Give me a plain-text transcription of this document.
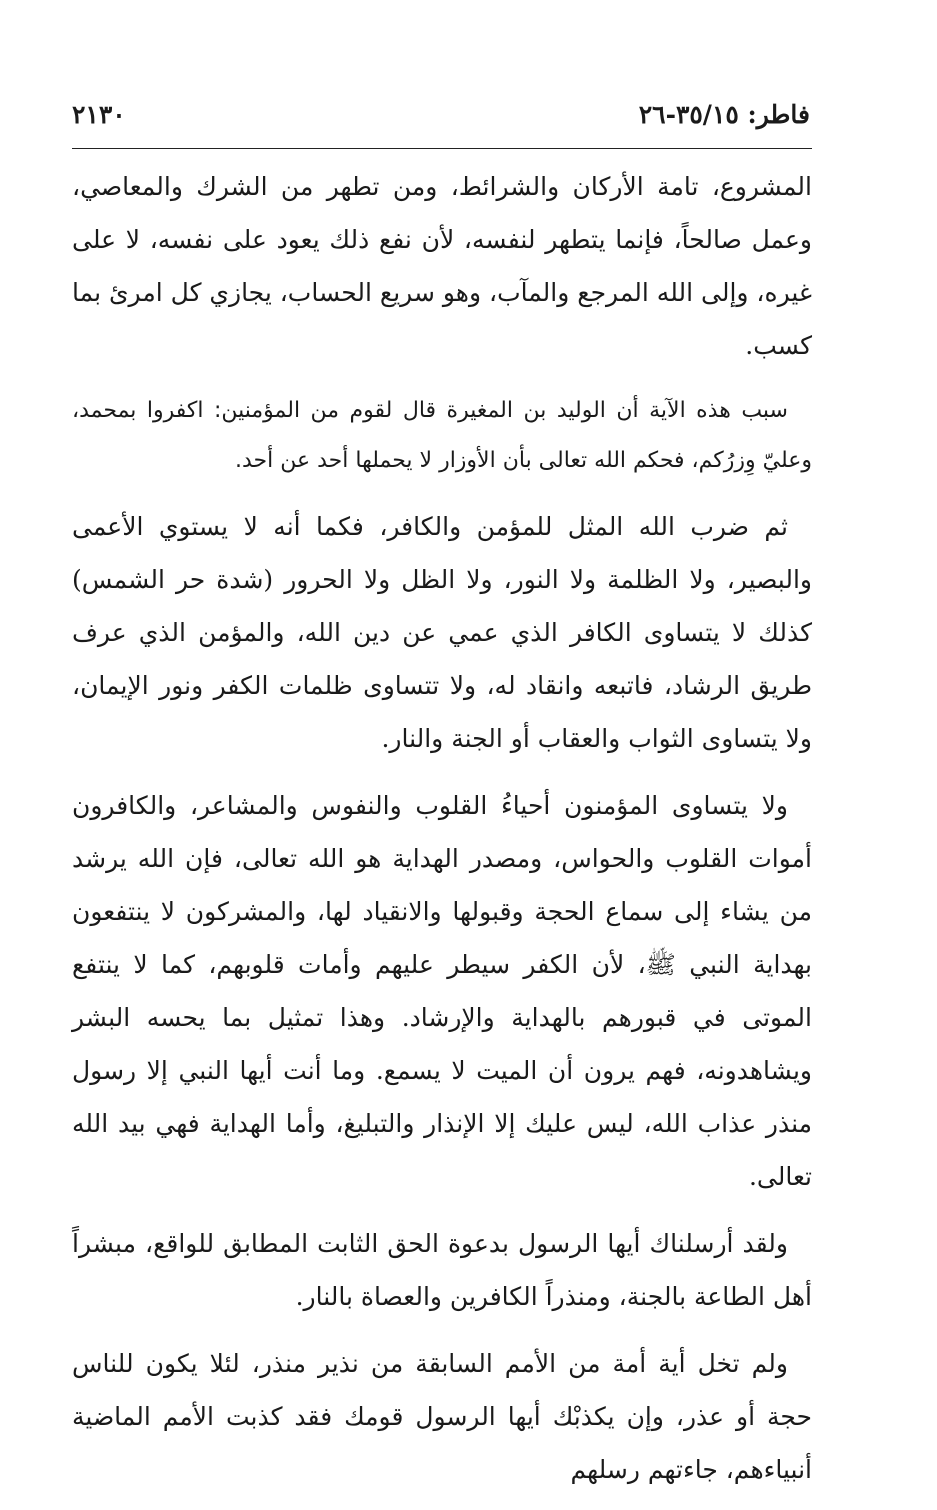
فاطر: ٣٥/١٥-٢٦
٢١٣٠

المشروع، تامة الأركان والشرائط، ومن تطهر من الشرك والمعاصي، وعمل صالحاً، فإنما يتطهر لنفسه، لأن نفع ذلك يعود على نفسه، لا على غيره، وإلى الله المرجع والمآب، وهو سريع الحساب، يجازي كل امرئ بما كسب.

سبب هذه الآية أن الوليد بن المغيرة قال لقوم من المؤمنين: اكفروا بمحمد، وعليّ وِزرُكم، فحكم الله تعالى بأن الأوزار لا يحملها أحد عن أحد.

ثم ضرب الله المثل للمؤمن والكافر، فكما أنه لا يستوي الأعمى والبصير، ولا الظلمة ولا النور، ولا الظل ولا الحرور (شدة حر الشمس) كذلك لا يتساوى الكافر الذي عمي عن دين الله، والمؤمن الذي عرف طريق الرشاد، فاتبعه وانقاد له، ولا تتساوى ظلمات الكفر ونور الإيمان، ولا يتساوى الثواب والعقاب أو الجنة والنار.

ولا يتساوى المؤمنون أحياءُ القلوب والنفوس والمشاعر، والكافرون أموات القلوب والحواس، ومصدر الهداية هو الله تعالى، فإن الله يرشد من يشاء إلى سماع الحجة وقبولها والانقياد لها، والمشركون لا ينتفعون بهداية النبي ﷺ، لأن الكفر سيطر عليهم وأمات قلوبهم، كما لا ينتفع الموتى في قبورهم بالهداية والإرشاد. وهذا تمثيل بما يحسه البشر ويشاهدونه، فهم يرون أن الميت لا يسمع. وما أنت أيها النبي إلا رسول منذر عذاب الله، ليس عليك إلا الإنذار والتبليغ، وأما الهداية فهي بيد الله تعالى.

ولقد أرسلناك أيها الرسول بدعوة الحق الثابت المطابق للواقع، مبشراً أهل الطاعة بالجنة، ومنذراً الكافرين والعصاة بالنار.

ولم تخل أية أمة من الأمم السابقة من نذير منذر، لئلا يكون للناس حجة أو عذر، وإن يكذبْك أيها الرسول قومك فقد كذبت الأمم الماضية أنبياءهم، جاءتهم رسلهم
